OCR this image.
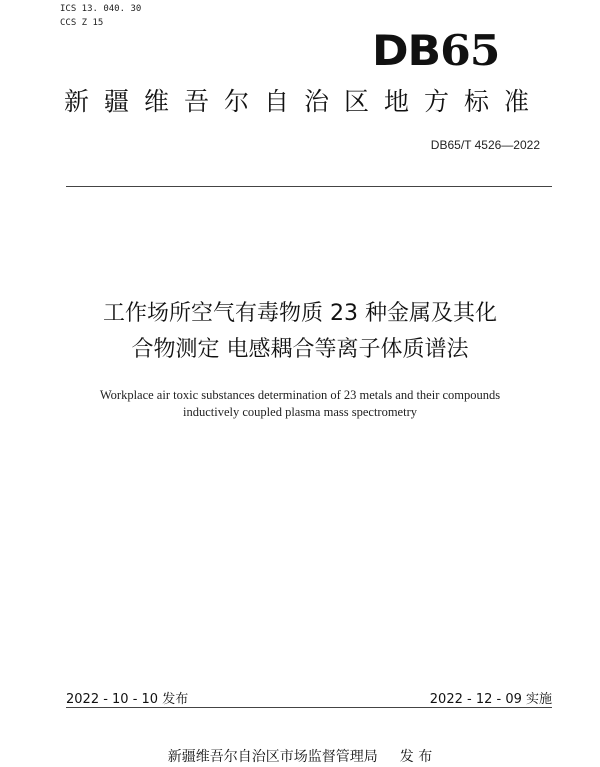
ICS 13. 040. 30
CCS Z 15
DB65
新疆维吾尔自治区地方标准
DB65/T 4526—2022
工作场所空气有毒物质 23 种金属及其化
合物测定 电感耦合等离子体质谱法
Workplace air toxic substances determination of 23 metals and their compounds
inductively coupled plasma mass spectrometry
2022 - 10 - 10 发布	2022 - 12 - 09 实施
新疆维吾尔自治区市场监督管理局 发 布
